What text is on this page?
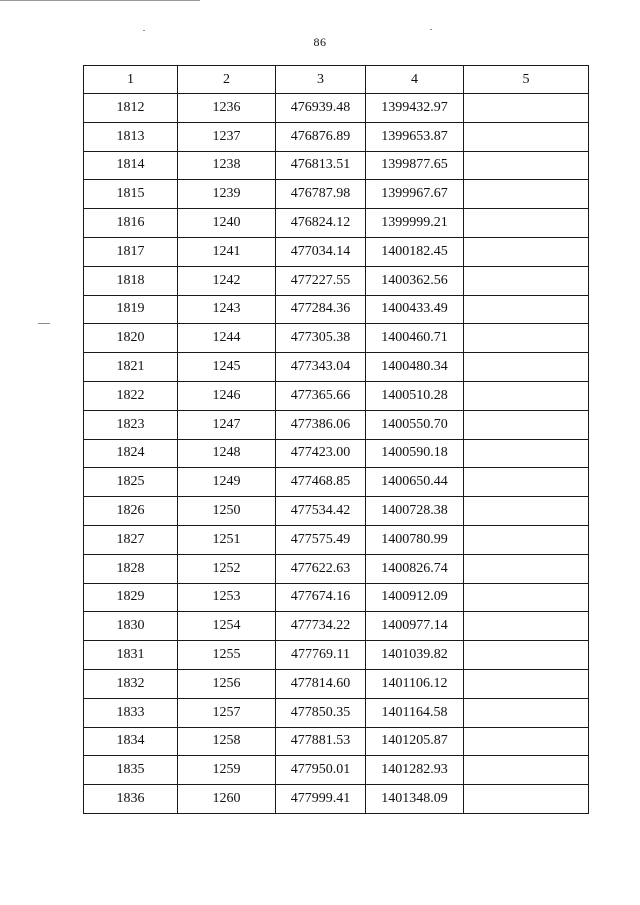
86
1	2	3	4	5
1812	1236	476939.48	1399432.97	
1813	1237	476876.89	1399653.87	
1814	1238	476813.51	1399877.65	
1815	1239	476787.98	1399967.67	
1816	1240	476824.12	1399999.21	
1817	1241	477034.14	1400182.45	
1818	1242	477227.55	1400362.56	
1819	1243	477284.36	1400433.49	
1820	1244	477305.38	1400460.71	
1821	1245	477343.04	1400480.34	
1822	1246	477365.66	1400510.28	
1823	1247	477386.06	1400550.70	
1824	1248	477423.00	1400590.18	
1825	1249	477468.85	1400650.44	
1826	1250	477534.42	1400728.38	
1827	1251	477575.49	1400780.99	
1828	1252	477622.63	1400826.74	
1829	1253	477674.16	1400912.09	
1830	1254	477734.22	1400977.14	
1831	1255	477769.11	1401039.82	
1832	1256	477814.60	1401106.12	
1833	1257	477850.35	1401164.58	
1834	1258	477881.53	1401205.87	
1835	1259	477950.01	1401282.93	
1836	1260	477999.41	1401348.09	
